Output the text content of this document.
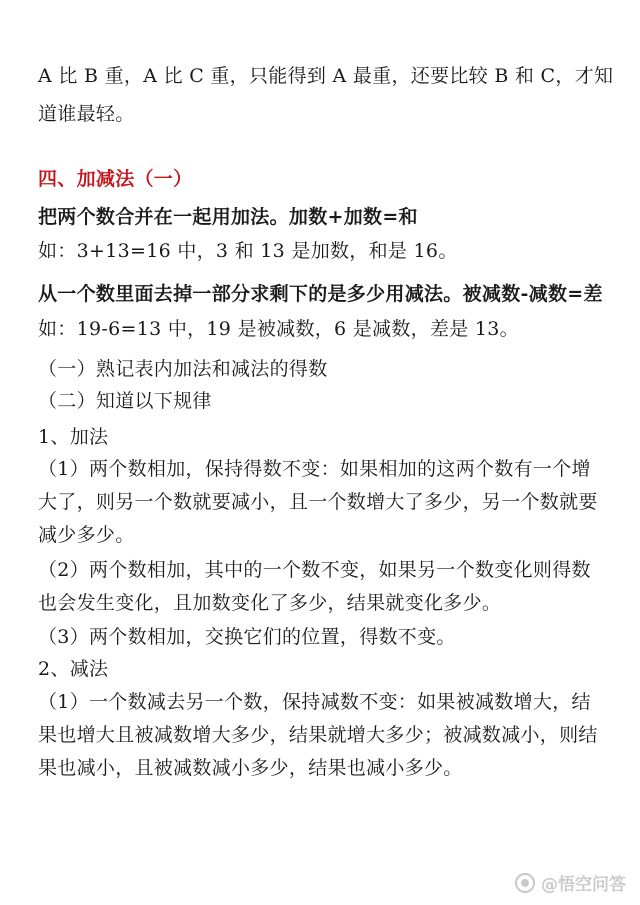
A 比 B 重，A 比 C 重，只能得到 A 最重，还要比较 B 和 C，才知
道谁最轻。
四、加减法（一）
把两个数合并在一起用加法。加数+加数=和
如：3+13=16 中，3 和 13 是加数，和是 16。
从一个数里面去掉一部分求剩下的是多少用减法。被减数-减数=差
如：19-6=13 中，19 是被减数，6 是减数，差是 13。
（一）熟记表内加法和减法的得数
（二）知道以下规律
1、加法
（1）两个数相加，保持得数不变：如果相加的这两个数有一个增
大了，则另一个数就要减小，且一个数增大了多少，另一个数就要
减少多少。
（2）两个数相加，其中的一个数不变，如果另一个数变化则得数
也会发生变化，且加数变化了多少，结果就变化多少。
（3）两个数相加，交换它们的位置，得数不变。
2、减法
（1）一个数减去另一个数，保持减数不变：如果被减数增大，结
果也增大且被减数增大多少，结果就增大多少；被减数减小，则结
果也减小，且被减数减小多少，结果也减小多少。
@悟空问答
